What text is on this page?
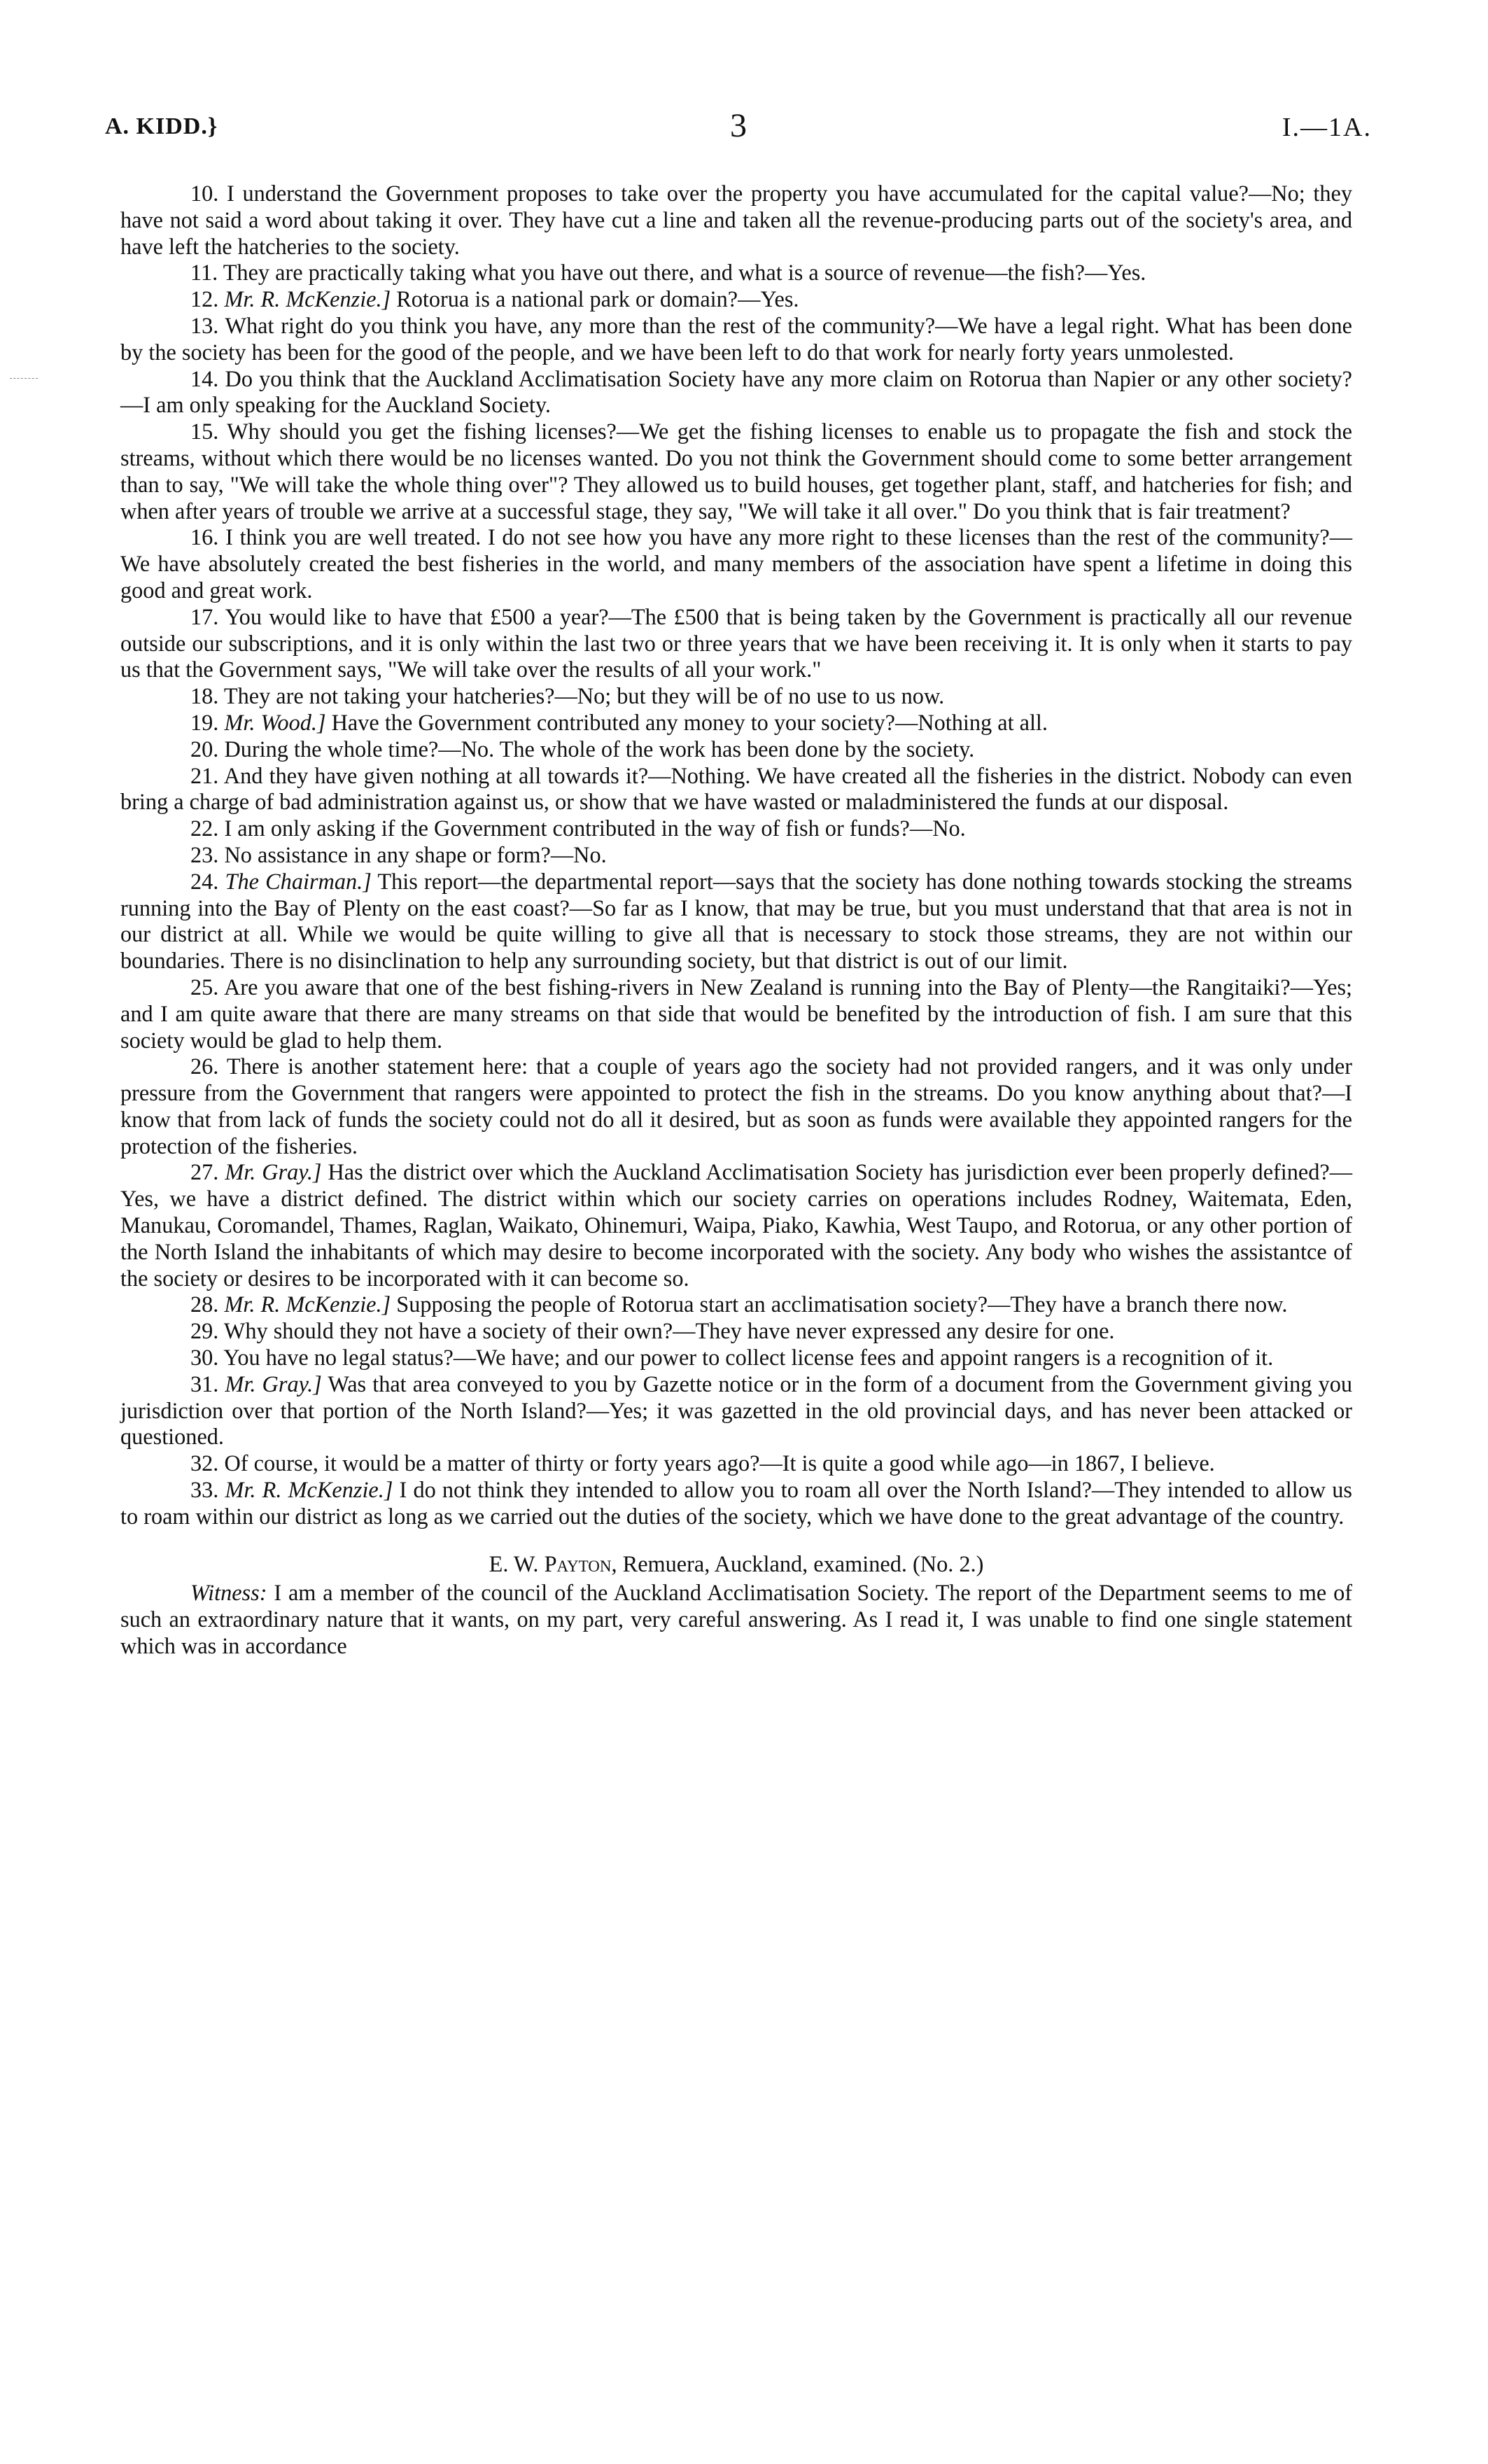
A. KIDD.}	3	I.—1A.

10. I understand the Government proposes to take over the property you have accumulated for the capital value?—No; they have not said a word about taking it over. They have cut a line and taken all the revenue-producing parts out of the society's area, and have left the hatcheries to the society.

11. They are practically taking what you have out there, and what is a source of revenue—the fish?—Yes.

12. Mr. R. McKenzie.] Rotorua is a national park or domain?—Yes.

13. What right do you think you have, any more than the rest of the community?—We have a legal right. What has been done by the society has been for the good of the people, and we have been left to do that work for nearly forty years unmolested.

14. Do you think that the Auckland Acclimatisation Society have any more claim on Rotorua than Napier or any other society?—I am only speaking for the Auckland Society.

15. Why should you get the fishing licenses?—We get the fishing licenses to enable us to propagate the fish and stock the streams, without which there would be no licenses wanted. Do you not think the Government should come to some better arrangement than to say, "We will take the whole thing over"? They allowed us to build houses, get together plant, staff, and hatcheries for fish; and when after years of trouble we arrive at a successful stage, they say, "We will take it all over." Do you think that is fair treatment?

16. I think you are well treated. I do not see how you have any more right to these licenses than the rest of the community?—We have absolutely created the best fisheries in the world, and many members of the association have spent a lifetime in doing this good and great work.

17. You would like to have that £500 a year?—The £500 that is being taken by the Government is practically all our revenue outside our subscriptions, and it is only within the last two or three years that we have been receiving it. It is only when it starts to pay us that the Government says, "We will take over the results of all your work."

18. They are not taking your hatcheries?—No; but they will be of no use to us now.

19. Mr. Wood.] Have the Government contributed any money to your society?—Nothing at all.

20. During the whole time?—No. The whole of the work has been done by the society.

21. And they have given nothing at all towards it?—Nothing. We have created all the fisheries in the district. Nobody can even bring a charge of bad administration against us, or show that we have wasted or maladministered the funds at our disposal.

22. I am only asking if the Government contributed in the way of fish or funds?—No.

23. No assistance in any shape or form?—No.

24. The Chairman.] This report—the departmental report—says that the society has done nothing towards stocking the streams running into the Bay of Plenty on the east coast?—So far as I know, that may be true, but you must understand that that area is not in our district at all. While we would be quite willing to give all that is necessary to stock those streams, they are not within our boundaries. There is no disinclination to help any surrounding society, but that district is out of our limit.

25. Are you aware that one of the best fishing-rivers in New Zealand is running into the Bay of Plenty—the Rangitaiki?—Yes; and I am quite aware that there are many streams on that side that would be benefited by the introduction of fish. I am sure that this society would be glad to help them.

26. There is another statement here: that a couple of years ago the society had not provided rangers, and it was only under pressure from the Government that rangers were appointed to protect the fish in the streams. Do you know anything about that?—I know that from lack of funds the society could not do all it desired, but as soon as funds were available they appointed rangers for the protection of the fisheries.

27. Mr. Gray.] Has the district over which the Auckland Acclimatisation Society has jurisdiction ever been properly defined?—Yes, we have a district defined. The district within which our society carries on operations includes Rodney, Waitemata, Eden, Manukau, Coromandel, Thames, Raglan, Waikato, Ohinemuri, Waipa, Piako, Kawhia, West Taupo, and Rotorua, or any other portion of the North Island the inhabitants of which may desire to become incorporated with the society. Any body who wishes the assistantce of the society or desires to be incorporated with it can become so.

28. Mr. R. McKenzie.] Supposing the people of Rotorua start an acclimatisation society?—They have a branch there now.

29. Why should they not have a society of their own?—They have never expressed any desire for one.

30. You have no legal status?—We have; and our power to collect license fees and appoint rangers is a recognition of it.

31. Mr. Gray.] Was that area conveyed to you by Gazette notice or in the form of a document from the Government giving you jurisdiction over that portion of the North Island?—Yes; it was gazetted in the old provincial days, and has never been attacked or questioned.

32. Of course, it would be a matter of thirty or forty years ago?—It is quite a good while ago—in 1867, I believe.

33. Mr. R. McKenzie.] I do not think they intended to allow you to roam all over the North Island?—They intended to allow us to roam within our district as long as we carried out the duties of the society, which we have done to the great advantage of the country.

E. W. Payton, Remuera, Auckland, examined. (No. 2.)

Witness: I am a member of the council of the Auckland Acclimatisation Society. The report of the Department seems to me of such an extraordinary nature that it wants, on my part, very careful answering. As I read it, I was unable to find one single statement which was in accordance
